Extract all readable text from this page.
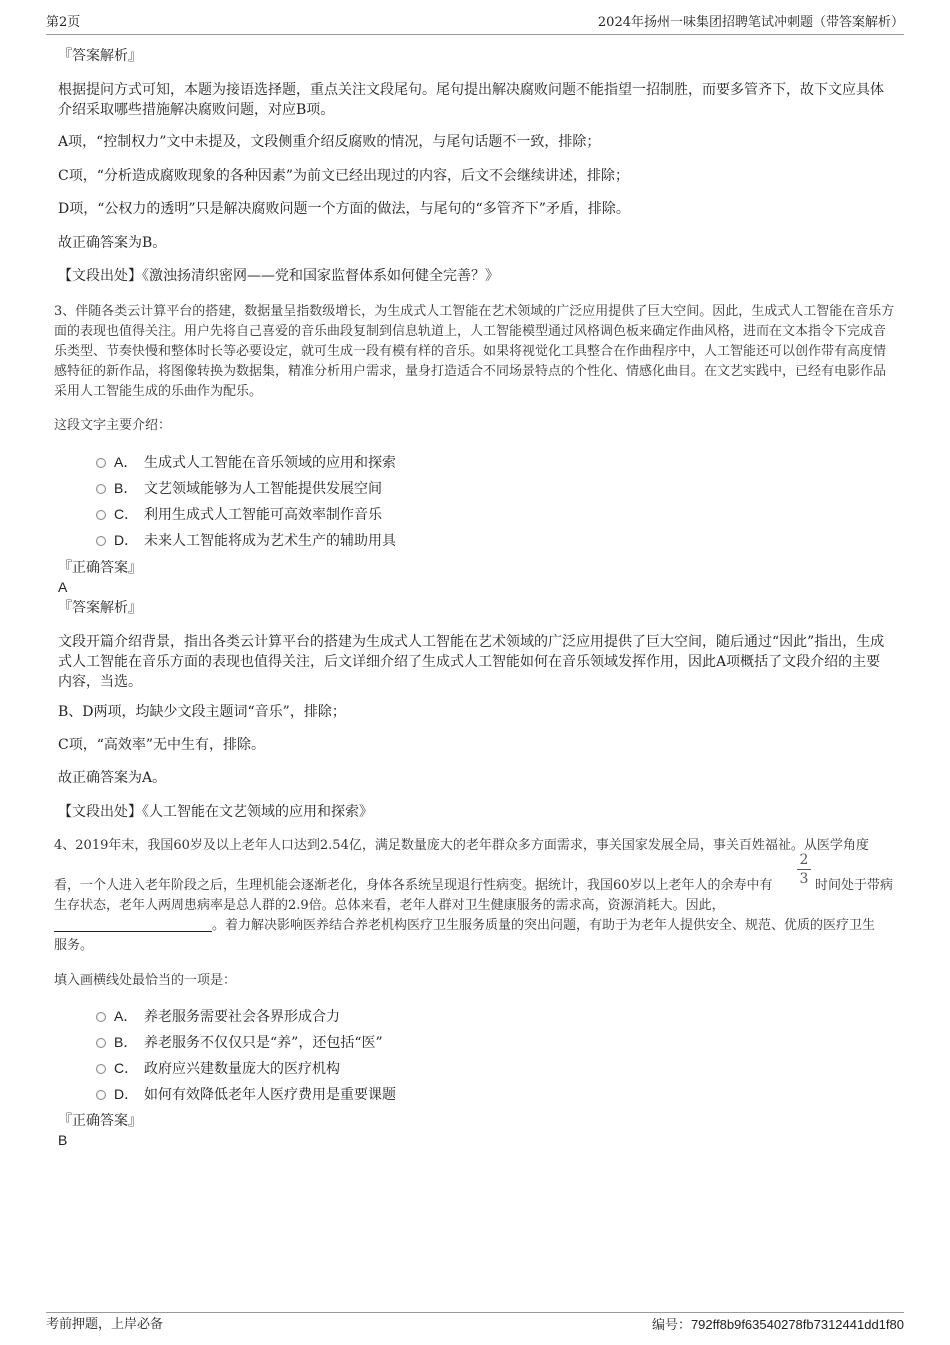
第2页	2024年扬州一味集团招聘笔试冲刺题（带答案解析）
『答案解析』

根据提问方式可知，本题为接语选择题，重点关注文段尾句。尾句提出解决腐败问题不能指望一招制胜，而要多管齐下，故下文应具体介绍采取哪些措施解决腐败问题，对应B项。

A项，“控制权力”文中未提及，文段侧重介绍反腐败的情况，与尾句话题不一致，排除；

C项，“分析造成腐败现象的各种因素”为前文已经出现过的内容，后文不会继续讲述，排除；

D项，“公权力的透明”只是解决腐败问题一个方面的做法，与尾句的“多管齐下”矛盾，排除。

故正确答案为B。

【文段出处】《激浊扬清织密网——党和国家监督体系如何健全完善？》

3、伴随各类云计算平台的搭建，数据量呈指数级增长，为生成式人工智能在艺术领域的广泛应用提供了巨大空间。因此，生成式人工智能在音乐方面的表现也值得关注。用户先将自己喜爱的音乐曲段复制到信息轨道上，人工智能模型通过风格调色板来确定作曲风格，进而在文本指令下完成音乐类型、节奏快慢和整体时长等必要设定，就可生成一段有模有样的音乐。如果将视觉化工具整合在作曲程序中，人工智能还可以创作带有高度情感特征的新作品，将图像转换为数据集，精准分析用户需求，量身打造适合不同场景特点的个性化、情感化曲目。在文艺实践中，已经有电影作品采用人工智能生成的乐曲作为配乐。

这段文字主要介绍：

A． 生成式人工智能在音乐领域的应用和探索
B． 文艺领域能够为人工智能提供发展空间
C． 利用生成式人工智能可高效率制作音乐
D． 未来人工智能将成为艺术生产的辅助用具
『正确答案』
A
『答案解析』

文段开篇介绍背景，指出各类云计算平台的搭建为生成式人工智能在艺术领域的广泛应用提供了巨大空间，随后通过“因此”指出，生成式人工智能在音乐方面的表现也值得关注，后文详细介绍了生成式人工智能如何在音乐领域发挥作用，因此A项概括了文段介绍的主要内容，当选。

B、D两项，均缺少文段主题词“音乐”，排除；

C项，“高效率”无中生有，排除。

故正确答案为A。

【文段出处】《人工智能在文艺领域的应用和探索》

4、2019年末，我国60岁及以上老年人口达到2.54亿，满足数量庞大的老年群众多方面需求，事关国家发展全局，事关百姓福祉。从医学角度

看，一个人进入老年阶段之后，生理机能会逐渐老化，身体各系统呈现退行性病变。据统计，我国60岁以上老年人的余寿中有

2
3 时间处于带病

生存状态，老年人两周患病率是总人群的2.9倍。总体来看，老年人群对卫生健康服务的需求高，资源消耗大。因此，

。着力解决影响医养结合养老机构医疗卫生服务质量的突出问题，有助于为老年人提供安全、规范、优质的医疗卫生

服务。

填入画横线处最恰当的一项是：

A． 养老服务需要社会各界形成合力
B． 养老服务不仅仅只是“养”，还包括“医”
C． 政府应兴建数量庞大的医疗机构
D． 如何有效降低老年人医疗费用是重要课题
『正确答案』
B
考前押题，上岸必备	编号：792ff8b9f63540278fb7312441dd1f80
